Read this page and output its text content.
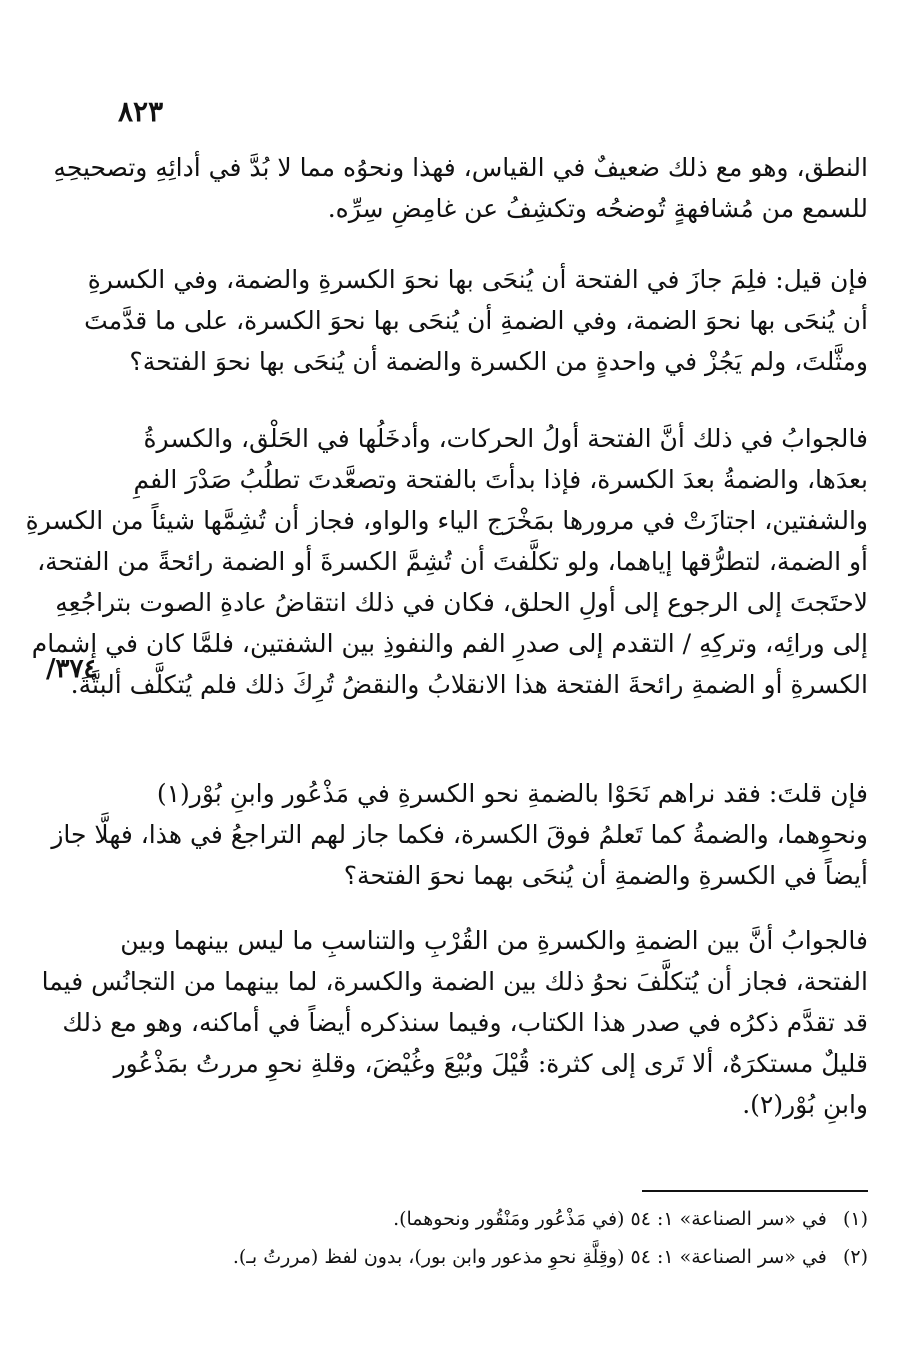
٨٢٣
٣٧٤/
النطق، وهو مع ذلك ضعيفٌ في القياس، فهذا ونحوُه مما لا بُدَّ في أدائِهِ وتصحيحِهِ
للسمع من مُشافهةٍ تُوضحُه وتكشِفُ عن غامِضِ سِرِّه.
فإن قيل: فلِمَ جازَ في الفتحة أن يُنحَى بها نحوَ الكسرةِ والضمة، وفي الكسرةِ
أن يُنحَى بها نحوَ الضمة، وفي الضمةِ أن يُنحَى بها نحوَ الكسرة، على ما قدَّمتَ
ومثَّلتَ، ولم يَجُزْ في واحدةٍ من الكسرة والضمة أن يُنحَى بها نحوَ الفتحة؟
فالجوابُ في ذلك أنَّ الفتحة أولُ الحركات، وأدخَلُها في الحَلْق، والكسرةُ
بعدَها، والضمةُ بعدَ الكسرة، فإذا بدأتَ بالفتحة وتصعَّدتَ تطلُبُ صَدْرَ الفمِ
والشفتين، اجتازَتْ في مرورها بمَخْرَج الياء والواو، فجاز أن تُشِمَّها شيئاً من الكسرةِ
أو الضمة، لتطرُّقها إياهما، ولو تكلَّفتَ أن تُشِمَّ الكسرةَ أو الضمة رائحةً من الفتحة،
لاحتَجتَ إلى الرجوع إلى أولِ الحلق، فكان في ذلك انتقاضُ عادةِ الصوت بتراجُعِهِ
إلى ورائِه، وتركِهِ / التقدم إلى صدرِ الفم والنفوذِ بين الشفتين، فلمَّا كان في إشمام
الكسرةِ أو الضمةِ رائحةَ الفتحة هذا الانقلابُ والنقضُ تُرِكَ ذلك فلم يُتكلَّف ألبتَّةَ.
فإن قلتَ: فقد نراهم نَحَوْا بالضمةِ نحو الكسرةِ في مَذْعُور وابنِ بُوْر(١)
ونحوِهما، والضمةُ كما تَعلمُ فوقَ الكسرة، فكما جاز لهم التراجعُ في هذا، فهلَّا جاز
أيضاً في الكسرةِ والضمةِ أن يُنحَى بهما نحوَ الفتحة؟
فالجوابُ أنَّ بين الضمةِ والكسرةِ من القُرْبِ والتناسبِ ما ليس بينهما وبين
الفتحة، فجاز أن يُتكلَّفَ نحوُ ذلك بين الضمة والكسرة، لما بينهما من التجانُس فيما
قد تقدَّم ذكرُه في صدر هذا الكتاب، وفيما سنذكره أيضاً في أماكنه، وهو مع ذلك
قليلٌ مستكرَهٌ، ألا تَرى إلى كثرة: قُيْلَ وبُيْعَ وغُيْضَ، وقلةِ نحوِ مررتُ بمَذْعُور
وابنِ بُوْر(٢).
(١) في «سر الصناعة» ١: ٥٤ (في مَذْعُور ومَنْقُور ونحوهما).
(٢) في «سر الصناعة» ١: ٥٤ (وقِلَّةِ نحوِ مذعور وابن بور)، بدون لفظ (مررتُ بـ).
